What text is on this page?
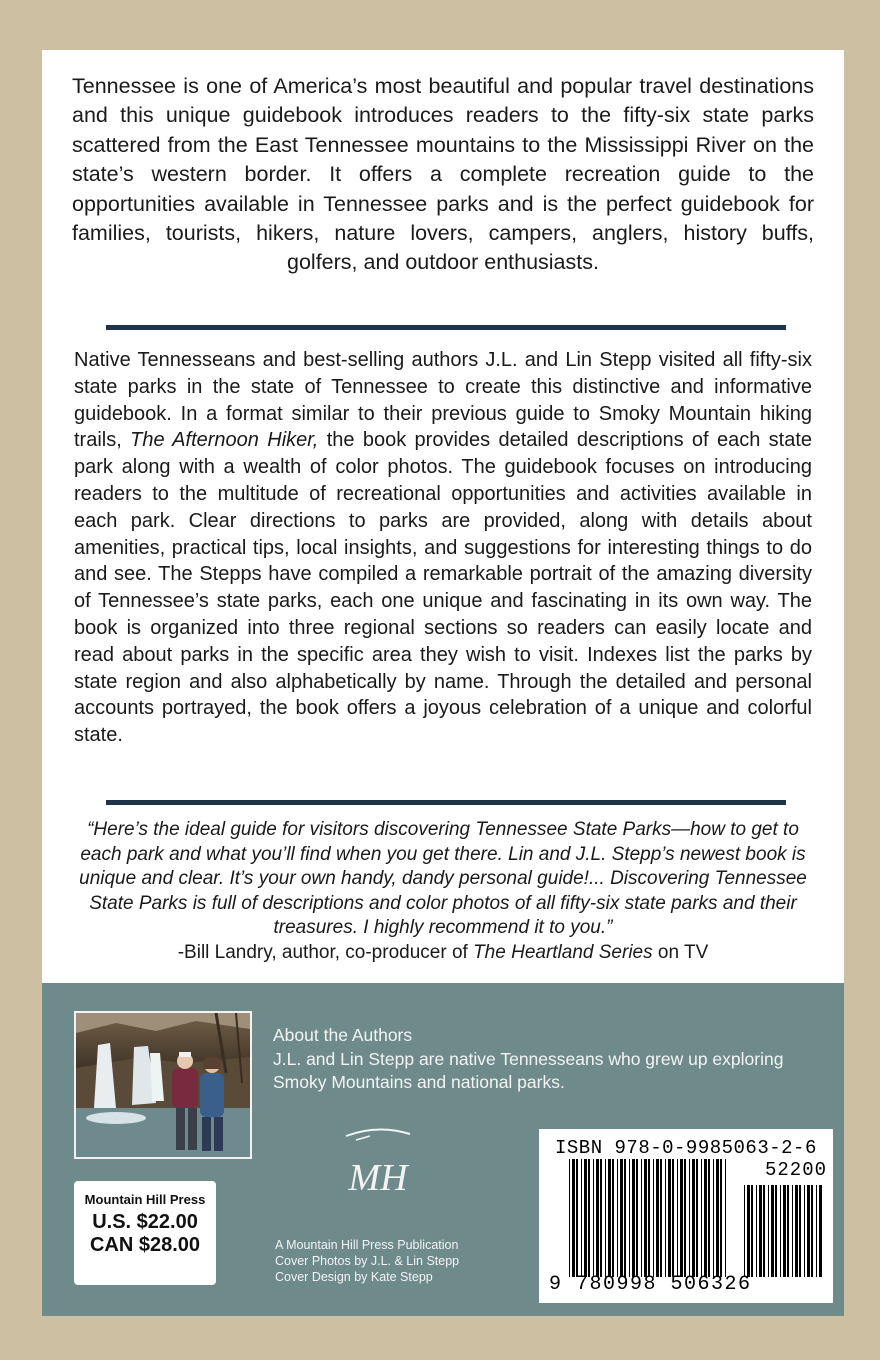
Tennessee is one of America’s most beautiful and popular travel destinations and this unique guidebook introduces readers to the fifty-six state parks scattered from the East Tennessee mountains to the Mississippi River on the state’s western border. It offers a complete recreation guide to the opportunities available in Tennessee parks and is the perfect guidebook for families, tourists, hikers, nature lovers, campers, anglers, history buffs, golfers, and outdoor enthusiasts.

Native Tennesseans and best-selling authors J.L. and Lin Stepp visited all fifty-six state parks in the state of Tennessee to create this distinctive and informative guidebook. In a format similar to their previous guide to Smoky Mountain hiking trails, The Afternoon Hiker, the book provides detailed descriptions of each state park along with a wealth of color photos. The guidebook focuses on introducing readers to the multitude of recreational opportunities and activities available in each park. Clear directions to parks are provided, along with details about amenities, practical tips, local insights, and suggestions for interesting things to do and see. The Stepps have compiled a remarkable portrait of the amazing diversity of Tennessee’s state parks, each one unique and fascinating in its own way. The book is organized into three regional sections so readers can easily locate and read about parks in the specific area they wish to visit. Indexes list the parks by state region and also alphabetically by name. Through the detailed and personal accounts portrayed, the book offers a joyous celebration of a unique and colorful state.

“Here’s the ideal guide for visitors discovering Tennessee State Parks—how to get to each park and what you’ll find when you get there. Lin and J.L. Stepp’s newest book is unique and clear. It’s your own handy, dandy personal guide!... Discovering Tennessee State Parks is full of descriptions and color photos of all fifty-six state parks and their treasures. I highly recommend it to you.”
-Bill Landry, author, co-producer of The Heartland Series on TV
Mountain Hill Press
U.S. $22.00
CAN $28.00
About the Authors
J.L. and Lin Stepp are native Tennesseans who grew up exploring Smoky Mountains and national parks.
MH
A Mountain Hill Press Publication
Cover Photos by J.L. & Lin Stepp
Cover Design by Kate Stepp
ISBN 978-0-9985063-2-6
52200
9 780998 506326
